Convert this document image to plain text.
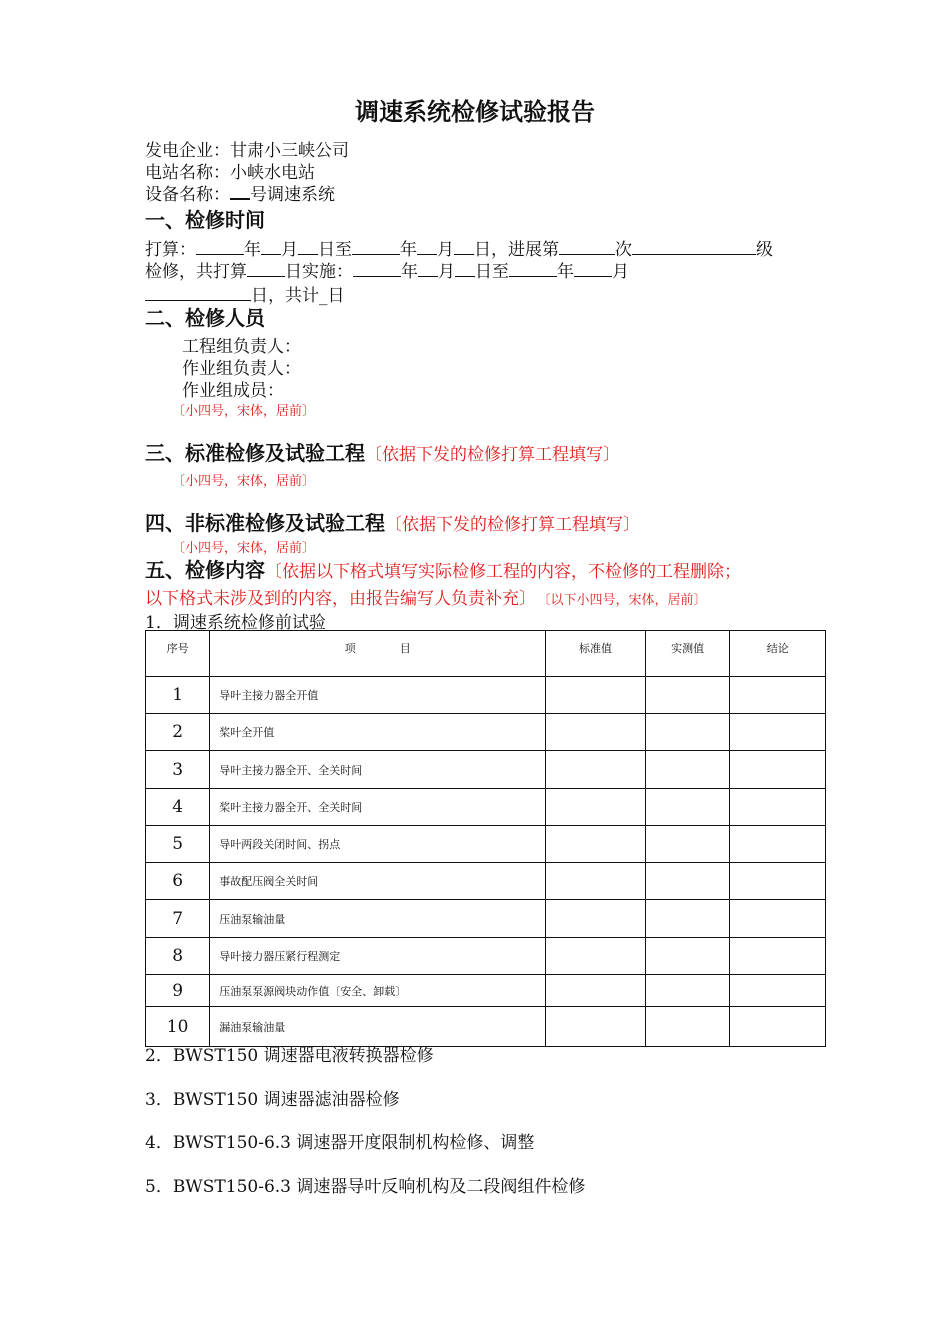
调速系统检修试验报告
发电企业：甘肃小三峡公司
电站名称：小峡水电站
设备名称： 号调速系统
一、检修时间
打算：	年 月 日至	年 月 日，进展第	次	级
检修，共打算 日实施：	年 月 日至	年 月
日，共计_日
二、检修人员
工程组负责人：
作业组负责人：
作业组成员：
〔小四号，宋体，居前〕
三、标准检修及试验工程〔依据下发的检修打算工程填写〕
〔小四号，宋体，居前〕
四、非标准检修及试验工程〔依据下发的检修打算工程填写〕
〔小四号，宋体，居前〕
五、检修内容〔依据以下格式填写实际检修工程的内容，不检修的工程删除；
以下格式未涉及到的内容，由报告编写人负责补充〕 〔以下小四号，宋体，居前〕
1．调速系统检修前试验
序号	项　　　　目	标准值	实测值	结论
1	导叶主接力器全开值			
2	桨叶全开值			
3	导叶主接力器全开、全关时间			
4	桨叶主接力器全开、全关时间			
5	导叶两段关闭时间、拐点			
6	事故配压阀全关时间			
7	压油泵输油量			
8	导叶接力器压紧行程测定			
9	压油泵泵源阀块动作值〔安全、卸载〕			
10	漏油泵输油量			
2．BWST150 调速器电液转换器检修
3．BWST150 调速器滤油器检修
4．BWST150-6.3 调速器开度限制机构检修、调整
5．BWST150-6.3 调速器导叶反响机构及二段阀组件检修
